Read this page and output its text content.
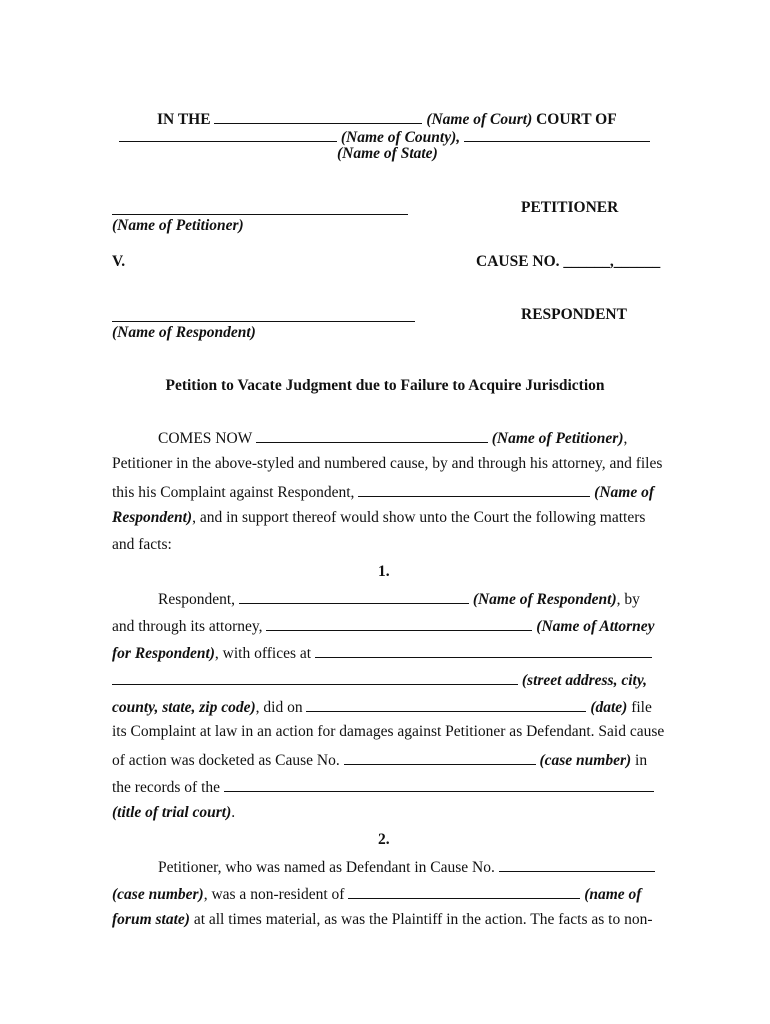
IN THE	(Name of Court) COURT OF
(Name of County),
(Name of State)
PETITIONER
(Name of Petitioner)
V.	CAUSE NO. ______,______
RESPONDENT
(Name of Respondent)
Petition to Vacate Judgment due to Failure to Acquire Jurisdiction
COMES NOW	(Name of Petitioner),
Petitioner in the above-styled and numbered cause, by and through his attorney, and files
this his Complaint against Respondent,	(Name of
Respondent), and in support thereof would show unto the Court the following matters
and facts:
1.
Respondent,	(Name of Respondent), by
and through its attorney,	(Name of Attorney
for Respondent), with offices at
(street address, city,
county, state, zip code), did on	(date) file
its Complaint at law in an action for damages against Petitioner as Defendant. Said cause
of action was docketed as Cause No.	(case number) in
the records of the
(title of trial court).
2.
Petitioner, who was named as Defendant in Cause No.
(case number), was a non-resident of	(name of
forum state) at all times material, as was the Plaintiff in the action. The facts as to non-
